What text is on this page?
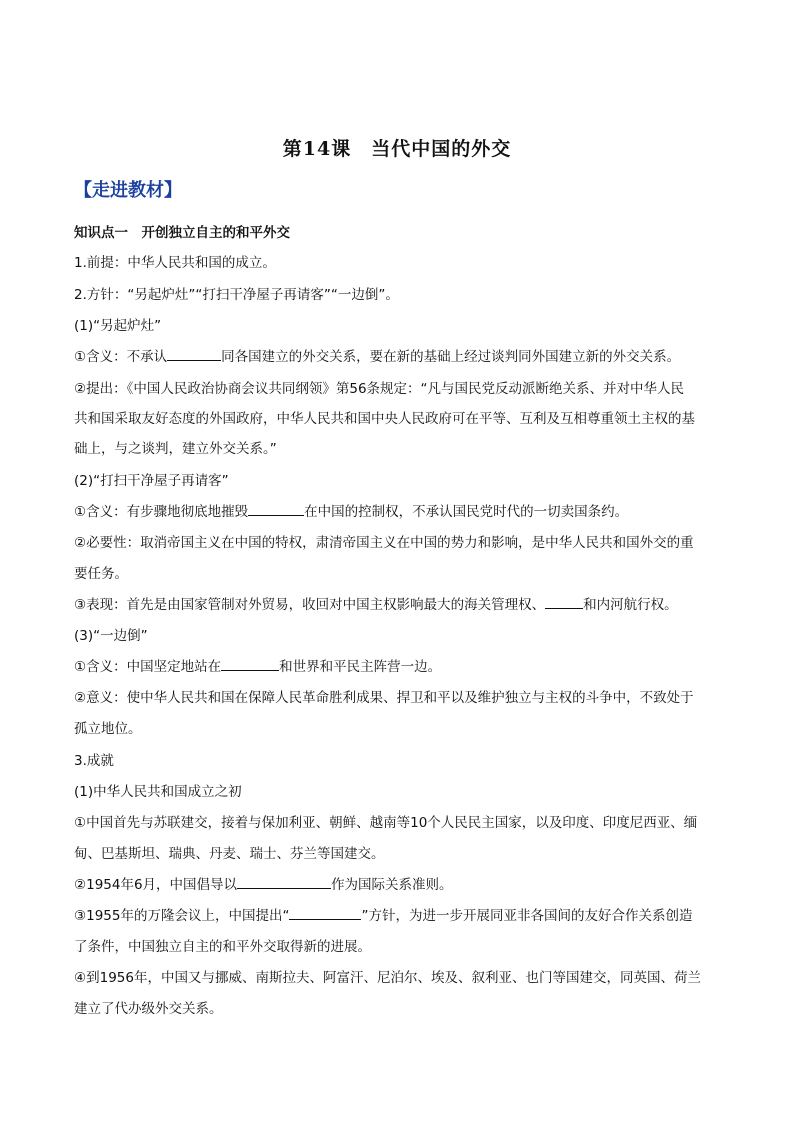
第14课　当代中国的外交
【走进教材】
知识点一　开创独立自主的和平外交
1.前提：中华人民共和国的成立。
2.方针：“另起炉灶”“打扫干净屋子再请客”“一边倒”。
(1)“另起炉灶”
①含义：不承认	同各国建立的外交关系，要在新的基础上经过谈判同外国建立新的外交关系。
②提出：《中国人民政治协商会议共同纲领》第56条规定：“凡与国民党反动派断绝关系、并对中华人民
共和国采取友好态度的外国政府，中华人民共和国中央人民政府可在平等、互利及互相尊重领土主权的基
础上，与之谈判，建立外交关系。”
(2)“打扫干净屋子再请客”
①含义：有步骤地彻底地摧毁	在中国的控制权，不承认国民党时代的一切卖国条约。
②必要性：取消帝国主义在中国的特权，肃清帝国主义在中国的势力和影响，是中华人民共和国外交的重
要任务。
③表现：首先是由国家管制对外贸易，收回对中国主权影响最大的海关管理权、	和内河航行权。
(3)“一边倒”
①含义：中国坚定地站在	和世界和平民主阵营一边。
②意义：使中华人民共和国在保障人民革命胜利成果、捍卫和平以及维护独立与主权的斗争中，不致处于
孤立地位。
3.成就
(1)中华人民共和国成立之初
①中国首先与苏联建交，接着与保加利亚、朝鲜、越南等10个人民民主国家，以及印度、印度尼西亚、缅
甸、巴基斯坦、瑞典、丹麦、瑞士、芬兰等国建交。
②1954年6月，中国倡导以	作为国际关系准则。
③1955年的万隆会议上，中国提出“	”方针，为进一步开展同亚非各国间的友好合作关系创造
了条件，中国独立自主的和平外交取得新的进展。
④到1956年，中国又与挪威、南斯拉夫、阿富汗、尼泊尔、埃及、叙利亚、也门等国建交，同英国、荷兰
建立了代办级外交关系。
